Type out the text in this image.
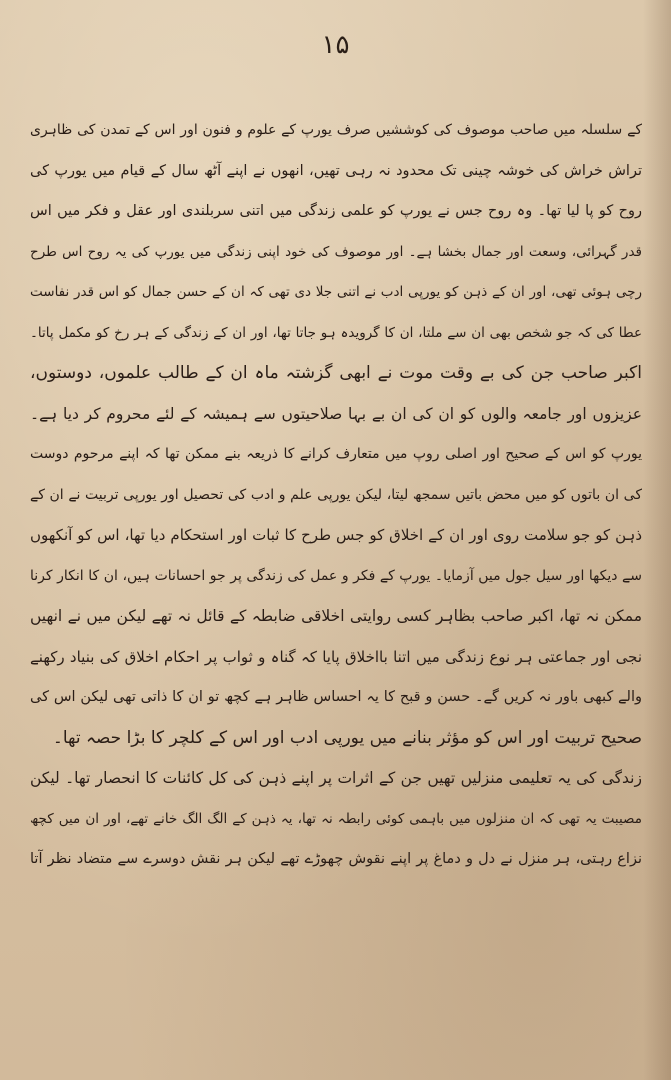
۱۵
کے سلسلہ میں صاحب موصوف کی کوششیں صرف یورپ کے علوم و فنون اور اس کے تمدن کی ظاہری
تراش خراش کی خوشہ چینی تک محدود نہ رہی تھیں، انھوں نے اپنے آٹھ سال کے قیام میں یورپ کی
روح کو پا لیا تھا۔ وہ روح جس نے یورپ کو علمی زندگی میں اتنی سربلندی اور عقل و فکر میں اس
قدر گہرائی، وسعت اور جمال بخشا ہے۔ اور موصوف کی خود اپنی زندگی میں یورپ کی یہ روح اس طرح
رچی ہوئی تھی، اور ان کے ذہن کو یورپی ادب نے اتنی جلا دی تھی کہ ان کے حسن جمال کو اس قدر نفاست
عطا کی کہ جو شخص بھی ان سے ملتا، ان کا گرویدہ ہو جاتا تھا، اور ان کے زندگی کے ہر رخ کو مکمل پاتا۔
اکبر صاحب جن کی بے وقت موت نے ابھی گزشتہ ماہ ان کے طالب علموں، دوستوں،
عزیزوں اور جامعہ والوں کو ان کی ان بے بہا صلاحیتوں سے ہمیشہ کے لئے محروم کر دیا ہے۔
یورپ کو اس کے صحیح اور اصلی روپ میں متعارف کرانے کا ذریعہ بنے ممکن تھا کہ اپنے مرحوم دوست
کی ان باتوں کو میں محض باتیں سمجھ لیتا، لیکن یورپی علم و ادب کی تحصیل اور یورپی تربیت نے ان کے
ذہن کو جو سلامت روی اور ان کے اخلاق کو جس طرح کا ثبات اور استحکام دیا تھا، اس کو آنکھوں
سے دیکھا اور سیل جول میں آزمایا۔ یورپ کے فکر و عمل کی زندگی پر جو احسانات ہیں، ان کا انکار کرنا
ممکن نہ تھا، اکبر صاحب بظاہر کسی روایتی اخلاقی ضابطہ کے قائل نہ تھے لیکن میں نے انھیں
نجی اور جماعتی ہر نوع زندگی میں اتنا بااخلاق پایا کہ گناہ و ثواب پر احکام اخلاق کی بنیاد رکھنے
والے کبھی باور نہ کریں گے۔ حسن و قبح کا یہ احساس ظاہر ہے کچھ تو ان کا ذاتی تھی لیکن اس کی
صحیح تربیت اور اس کو مؤثر بنانے میں یورپی ادب اور اس کے کلچر کا بڑا حصہ تھا۔
زندگی کی یہ تعلیمی منزلیں تھیں جن کے اثرات پر اپنے ذہن کی کل کائنات کا انحصار تھا۔ لیکن
مصیبت یہ تھی کہ ان منزلوں میں باہمی کوئی رابطہ نہ تھا، یہ ذہن کے الگ الگ خانے تھے، اور ان میں کچھ
نزاع رہتی، ہر منزل نے دل و دماغ پر اپنے نقوش چھوڑے تھے لیکن ہر نقش دوسرے سے متضاد نظر آتا
